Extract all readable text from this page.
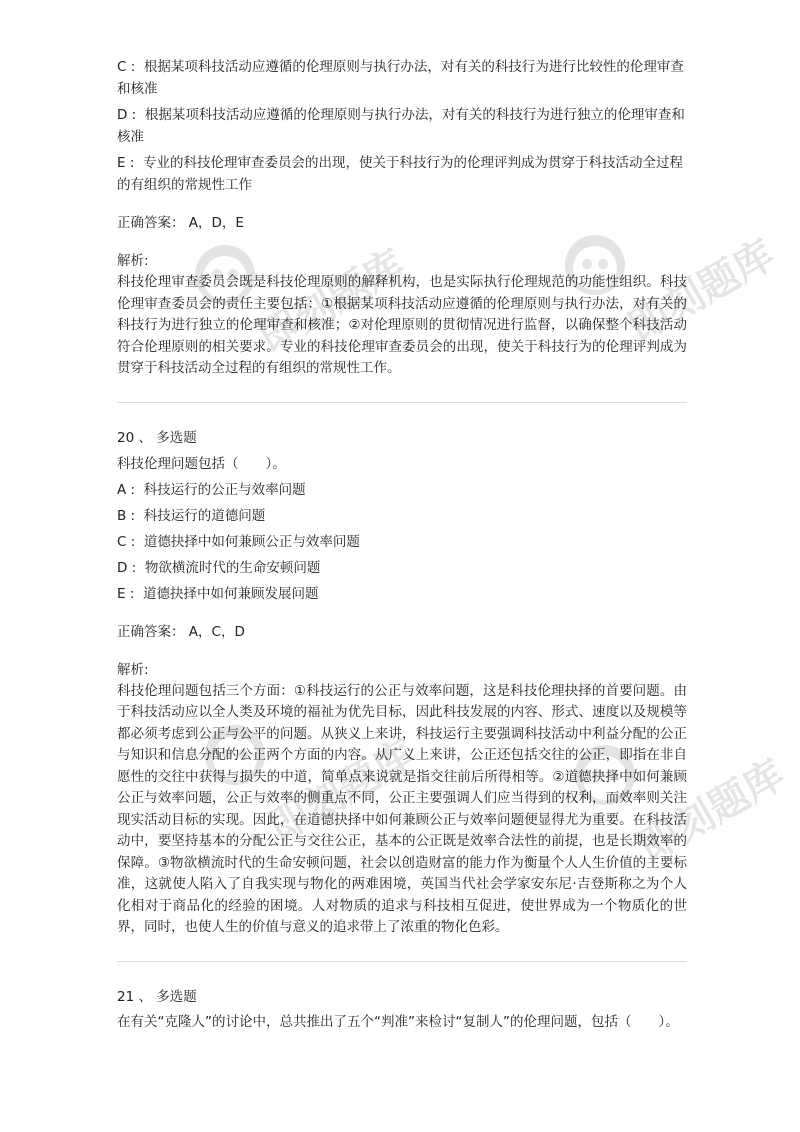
即刻题库	即刻题库
即刻题库	即刻题库

C : 根据某项科技活动应遵循的伦理原则与执行办法，对有关的科技行为进行比较性的伦理审查和核准

D : 根据某项科技活动应遵循的伦理原则与执行办法，对有关的科技行为进行独立的伦理审查和核准

E : 专业的科技伦理审查委员会的出现，使关于科技行为的伦理评判成为贯穿于科技活动全过程的有组织的常规性工作

正确答案： A，D，E

解析:

科技伦理审查委员会既是科技伦理原则的解释机构，也是实际执行伦理规范的功能性组织。科技伦理审查委员会的责任主要包括：①根据某项科技活动应遵循的伦理原则与执行办法，对有关的科技行为进行独立的伦理审查和核准；②对伦理原则的贯彻情况进行监督，以确保整个科技活动符合伦理原则的相关要求。专业的科技伦理审查委员会的出现，使关于科技行为的伦理评判成为贯穿于科技活动全过程的有组织的常规性工作。

20 、 多选题

科技伦理问题包括（　　）。

A : 科技运行的公正与效率问题

B : 科技运行的道德问题

C : 道德抉择中如何兼顾公正与效率问题

D : 物欲横流时代的生命安顿问题

E : 道德抉择中如何兼顾发展问题

正确答案： A，C，D

解析:

科技伦理问题包括三个方面：①科技运行的公正与效率问题，这是科技伦理抉择的首要问题。由于科技活动应以全人类及环境的福祉为优先目标，因此科技发展的内容、形式、速度以及规模等都必须考虑到公正与公平的问题。从狭义上来讲，科技运行主要强调科技活动中利益分配的公正与知识和信息分配的公正两个方面的内容。从广义上来讲，公正还包括交往的公正，即指在非自愿性的交往中获得与损失的中道，简单点来说就是指交往前后所得相等。②道德抉择中如何兼顾公正与效率问题，公正与效率的侧重点不同，公正主要强调人们应当得到的权利，而效率则关注现实活动目标的实现。因此，在道德抉择中如何兼顾公正与效率问题便显得尤为重要。在科技活动中，要坚持基本的分配公正与交往公正，基本的公正既是效率合法性的前提，也是长期效率的保障。③物欲横流时代的生命安顿问题，社会以创造财富的能力作为衡量个人人生价值的主要标准，这就使人陷入了自我实现与物化的两难困境，英国当代社会学家安东尼·吉登斯称之为个人化相对于商品化的经验的困境。人对物质的追求与科技相互促进，使世界成为一个物质化的世界，同时，也使人生的价值与意义的追求带上了浓重的物化色彩。

21 、 多选题

在有关“克隆人”的讨论中，总共推出了五个“判准”来检讨“复制人”的伦理问题，包括（　　）。
